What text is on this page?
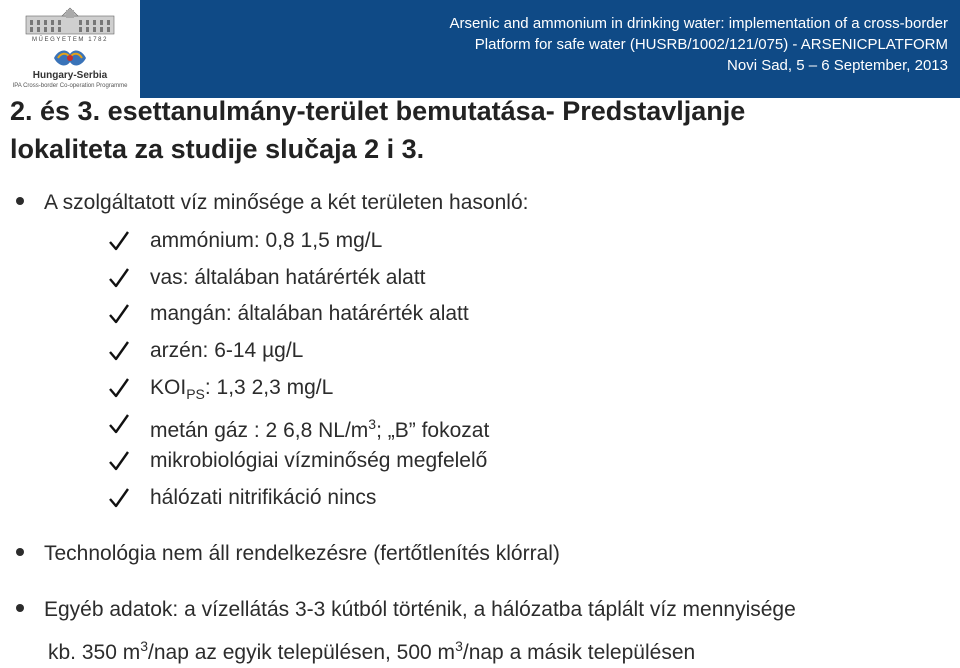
MŰEGYETEM 1782
Hungary-Serbia
IPA Cross-border Co-operation Programme
Arsenic and ammonium in drinking water: implementation of a cross-border
Platform for safe water (HUSRB/1002/121/075) - ARSENICPLATFORM
Novi Sad, 5 – 6 September, 2013
2. és 3. esettanulmány-terület bemutatása- Predstavljanje
lokaliteta za studije slučaja 2 i 3.
A szolgáltatott víz minősége a két területen hasonló:
ammónium: 0,8 1,5 mg/L
vas: általában határérték alatt
mangán: általában határérték alatt
arzén: 6-14 µg/L
$KOI_{PS}$: 1,3 2,3 mg/L
metán gáz : 2 6,8 $NL/m^3$; „B” fokozat
mikrobiológiai vízminőség megfelelő
hálózati nitrifikáció nincs
Technológia nem áll rendelkezésre (fertőtlenítés klórral)
Egyéb adatok: a vízellátás 3-3 kútból történik, a hálózatba táplált víz mennyisége
kb. 350 $m^3$/nap az egyik településen, 500 $m^3$/nap a másik településen
